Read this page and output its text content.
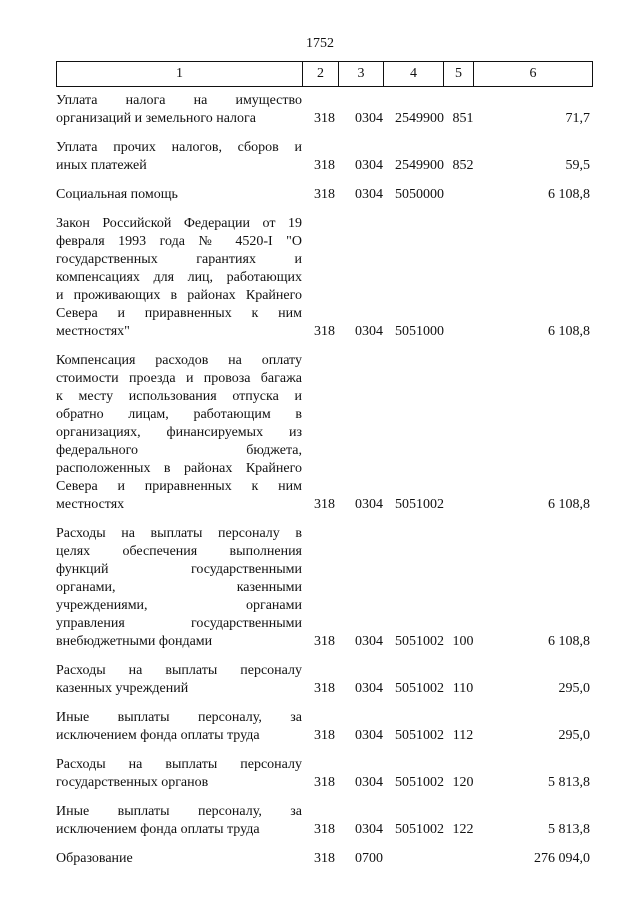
1752
1	2	3	4	5	6
Уплата налога на имущество
организаций и земельного налога	318	0304 2549900 851	71,7
Уплата прочих налогов, сборов и
иных платежей	318	0304 2549900 852	59,5
Социальная помощь	318	0304 5050000	6 108,8
Закон Российской Федерации от 19
февраля 1993 года № 4520-I "О
государственных гарантиях и
компенсациях для лиц, работающих
и проживающих в районах Крайнего
Севера и приравненных к ним
местностях"	318	0304 5051000	6 108,8
Компенсация расходов на оплату
стоимости проезда и провоза багажа
к месту использования отпуска и
обратно лицам, работающим в
организациях, финансируемых из
федерального бюджета,
расположенных в районах Крайнего
Севера и приравненных к ним
местностях	318	0304 5051002	6 108,8
Расходы на выплаты персоналу в
целях обеспечения выполнения
функций государственными
органами, казенными
учреждениями, органами
управления государственными
внебюджетными фондами	318	0304 5051002 100	6 108,8
Расходы на выплаты персоналу
казенных учреждений	318	0304 5051002 110	295,0
Иные выплаты персоналу, за
исключением фонда оплаты труда	318	0304 5051002 112	295,0
Расходы на выплаты персоналу
государственных органов	318	0304 5051002 120	5 813,8
Иные выплаты персоналу, за
исключением фонда оплаты труда	318	0304 5051002 122	5 813,8
Образование	318	0700	276 094,0
